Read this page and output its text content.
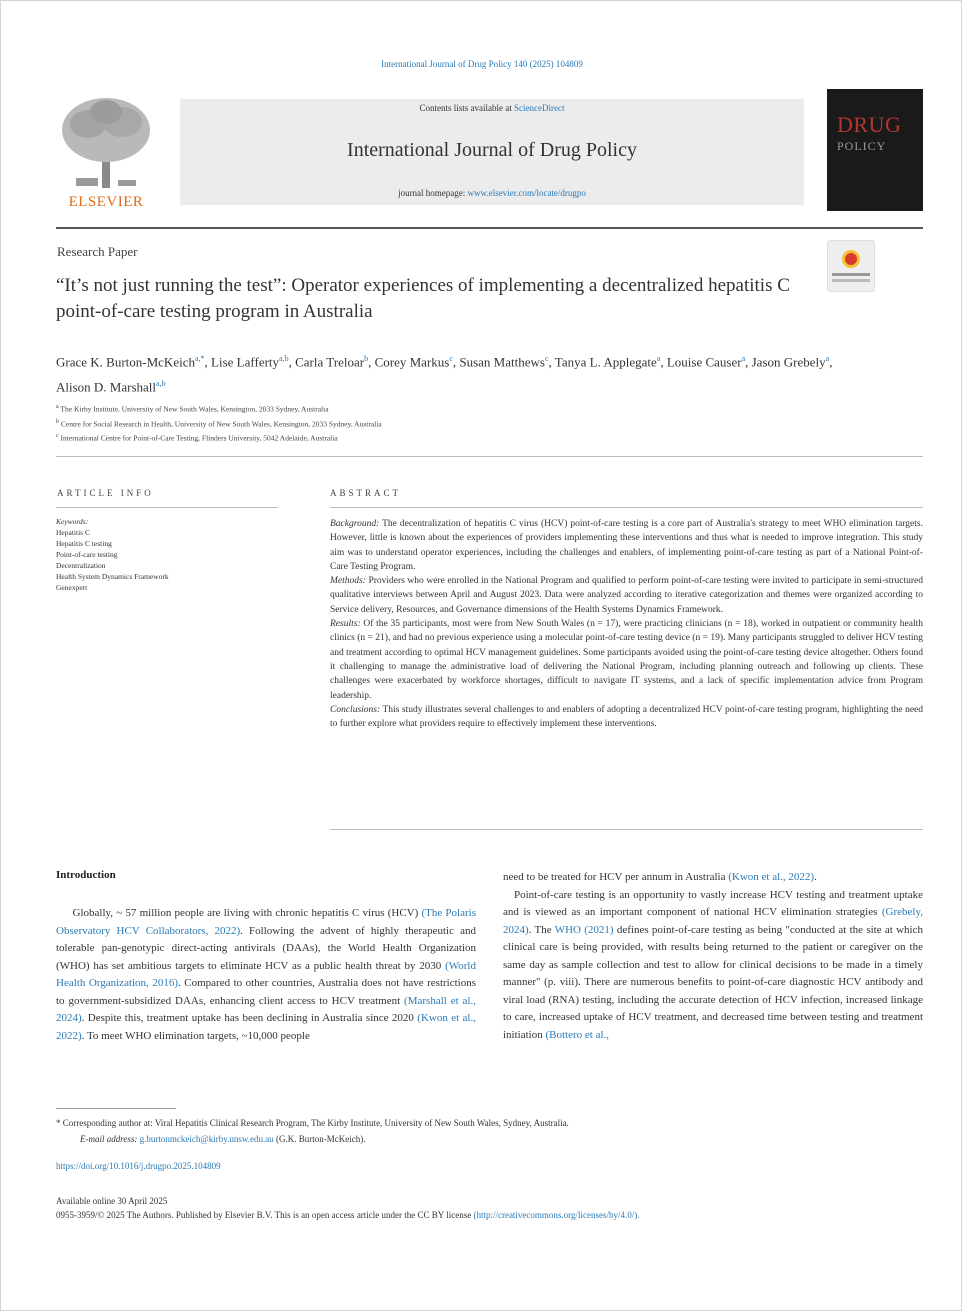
International Journal of Drug Policy 140 (2025) 104809
ELSEVIER
Contents lists available at ScienceDirect
International Journal of Drug Policy
journal homepage: www.elsevier.com/locate/drugpo
DRUG
POLICY
Research Paper
“It’s not just running the test”: Operator experiences of implementing a decentralized hepatitis C point-of-care testing program in Australia
Grace K. Burton-McKeich$^{a,*}$, Lise Lafferty$^{a,b}$, Carla Treloar$^b$, Corey Markus$^c$, Susan Matthews$^c$, Tanya L. Applegate$^a$, Louise Causer$^a$, Jason Grebely$^a$, Alison D. Marshall$^{a,b}$
$^a$ The Kirby Institute, University of New South Wales, Kensington, 2033 Sydney, Australia
$^b$ Centre for Social Research in Health, University of New South Wales, Kensington, 2033 Sydney, Australia
$^c$ International Centre for Point-of-Care Testing, Flinders University, 5042 Adelaide, Australia
ARTICLE INFO	ABSTRACT
Keywords:
Hepatitis C
Hepatitis C testing
Point-of-care testing
Decentralization
Health System Dynamics Framework
Genexpert

Background: The decentralization of hepatitis C virus (HCV) point-of-care testing is a core part of Australia's strategy to meet WHO elimination targets. However, little is known about the experiences of providers implementing these interventions and thus what is needed to improve integration. This study aim was to understand operator experiences, including the challenges and enablers, of implementing point-of-care testing as part of a National Point-of-Care Testing Program.

Methods: Providers who were enrolled in the National Program and qualified to perform point-of-care testing were invited to participate in semi-structured qualitative interviews between April and August 2023. Data were analyzed according to iterative categorization and themes were organized according to Service delivery, Resources, and Governance dimensions of the Health Systems Dynamics Framework.

Results: Of the 35 participants, most were from New South Wales (n = 17), were practicing clinicians (n = 18), worked in outpatient or community health clinics (n = 21), and had no previous experience using a molecular point-of-care testing device (n = 19). Many participants struggled to deliver HCV testing and treatment according to optimal HCV management guidelines. Some participants avoided using the point-of-care testing device altogether. Others found it challenging to manage the administrative load of delivering the National Program, including planning outreach and following up clients. These challenges were exacerbated by workforce shortages, difficult to navigate IT systems, and a lack of specific implementation advice from Program leadership.

Conclusions: This study illustrates several challenges to and enablers of adopting a decentralized HCV point-of-care testing program, highlighting the need to further explore what providers require to effectively implement these interventions.

Introduction

Globally, ~ 57 million people are living with chronic hepatitis C virus (HCV) (The Polaris Observatory HCV Collaborators, 2022). Following the advent of highly therapeutic and tolerable pan-genotypic direct-acting antivirals (DAAs), the World Health Organization (WHO) has set ambitious targets to eliminate HCV as a public health threat by 2030 (World Health Organization, 2016). Compared to other countries, Australia does not have restrictions to government-subsidized DAAs, enhancing client access to HCV treatment (Marshall et al., 2024). Despite this, treatment uptake has been declining in Australia since 2020 (Kwon et al., 2022). To meet WHO elimination targets, ~10,000 people

need to be treated for HCV per annum in Australia (Kwon et al., 2022).
 Point-of-care testing is an opportunity to vastly increase HCV testing and treatment uptake and is viewed as an important component of national HCV elimination strategies (Grebely, 2024). The WHO (2021) defines point-of-care testing as being "conducted at the site at which clinical care is being provided, with results being returned to the patient or caregiver on the same day as sample collection and test to allow for clinical decisions to be made in a timely manner" (p. viii). There are numerous benefits to point-of-care diagnostic HCV antibody and viral load (RNA) testing, including the accurate detection of HCV infection, increased linkage to care, increased uptake of HCV treatment, and decreased time between testing and treatment initiation (Bottero et al.,

* Corresponding author at: Viral Hepatitis Clinical Research Program, The Kirby Institute, University of New South Wales, Sydney, Australia.
E-mail address: g.burtonmckeich@kirby.unsw.edu.au (G.K. Burton-McKeich).
https://doi.org/10.1016/j.drugpo.2025.104809
Available online 30 April 2025
0955-3959/© 2025 The Authors. Published by Elsevier B.V. This is an open access article under the CC BY license (http://creativecommons.org/licenses/by/4.0/).
